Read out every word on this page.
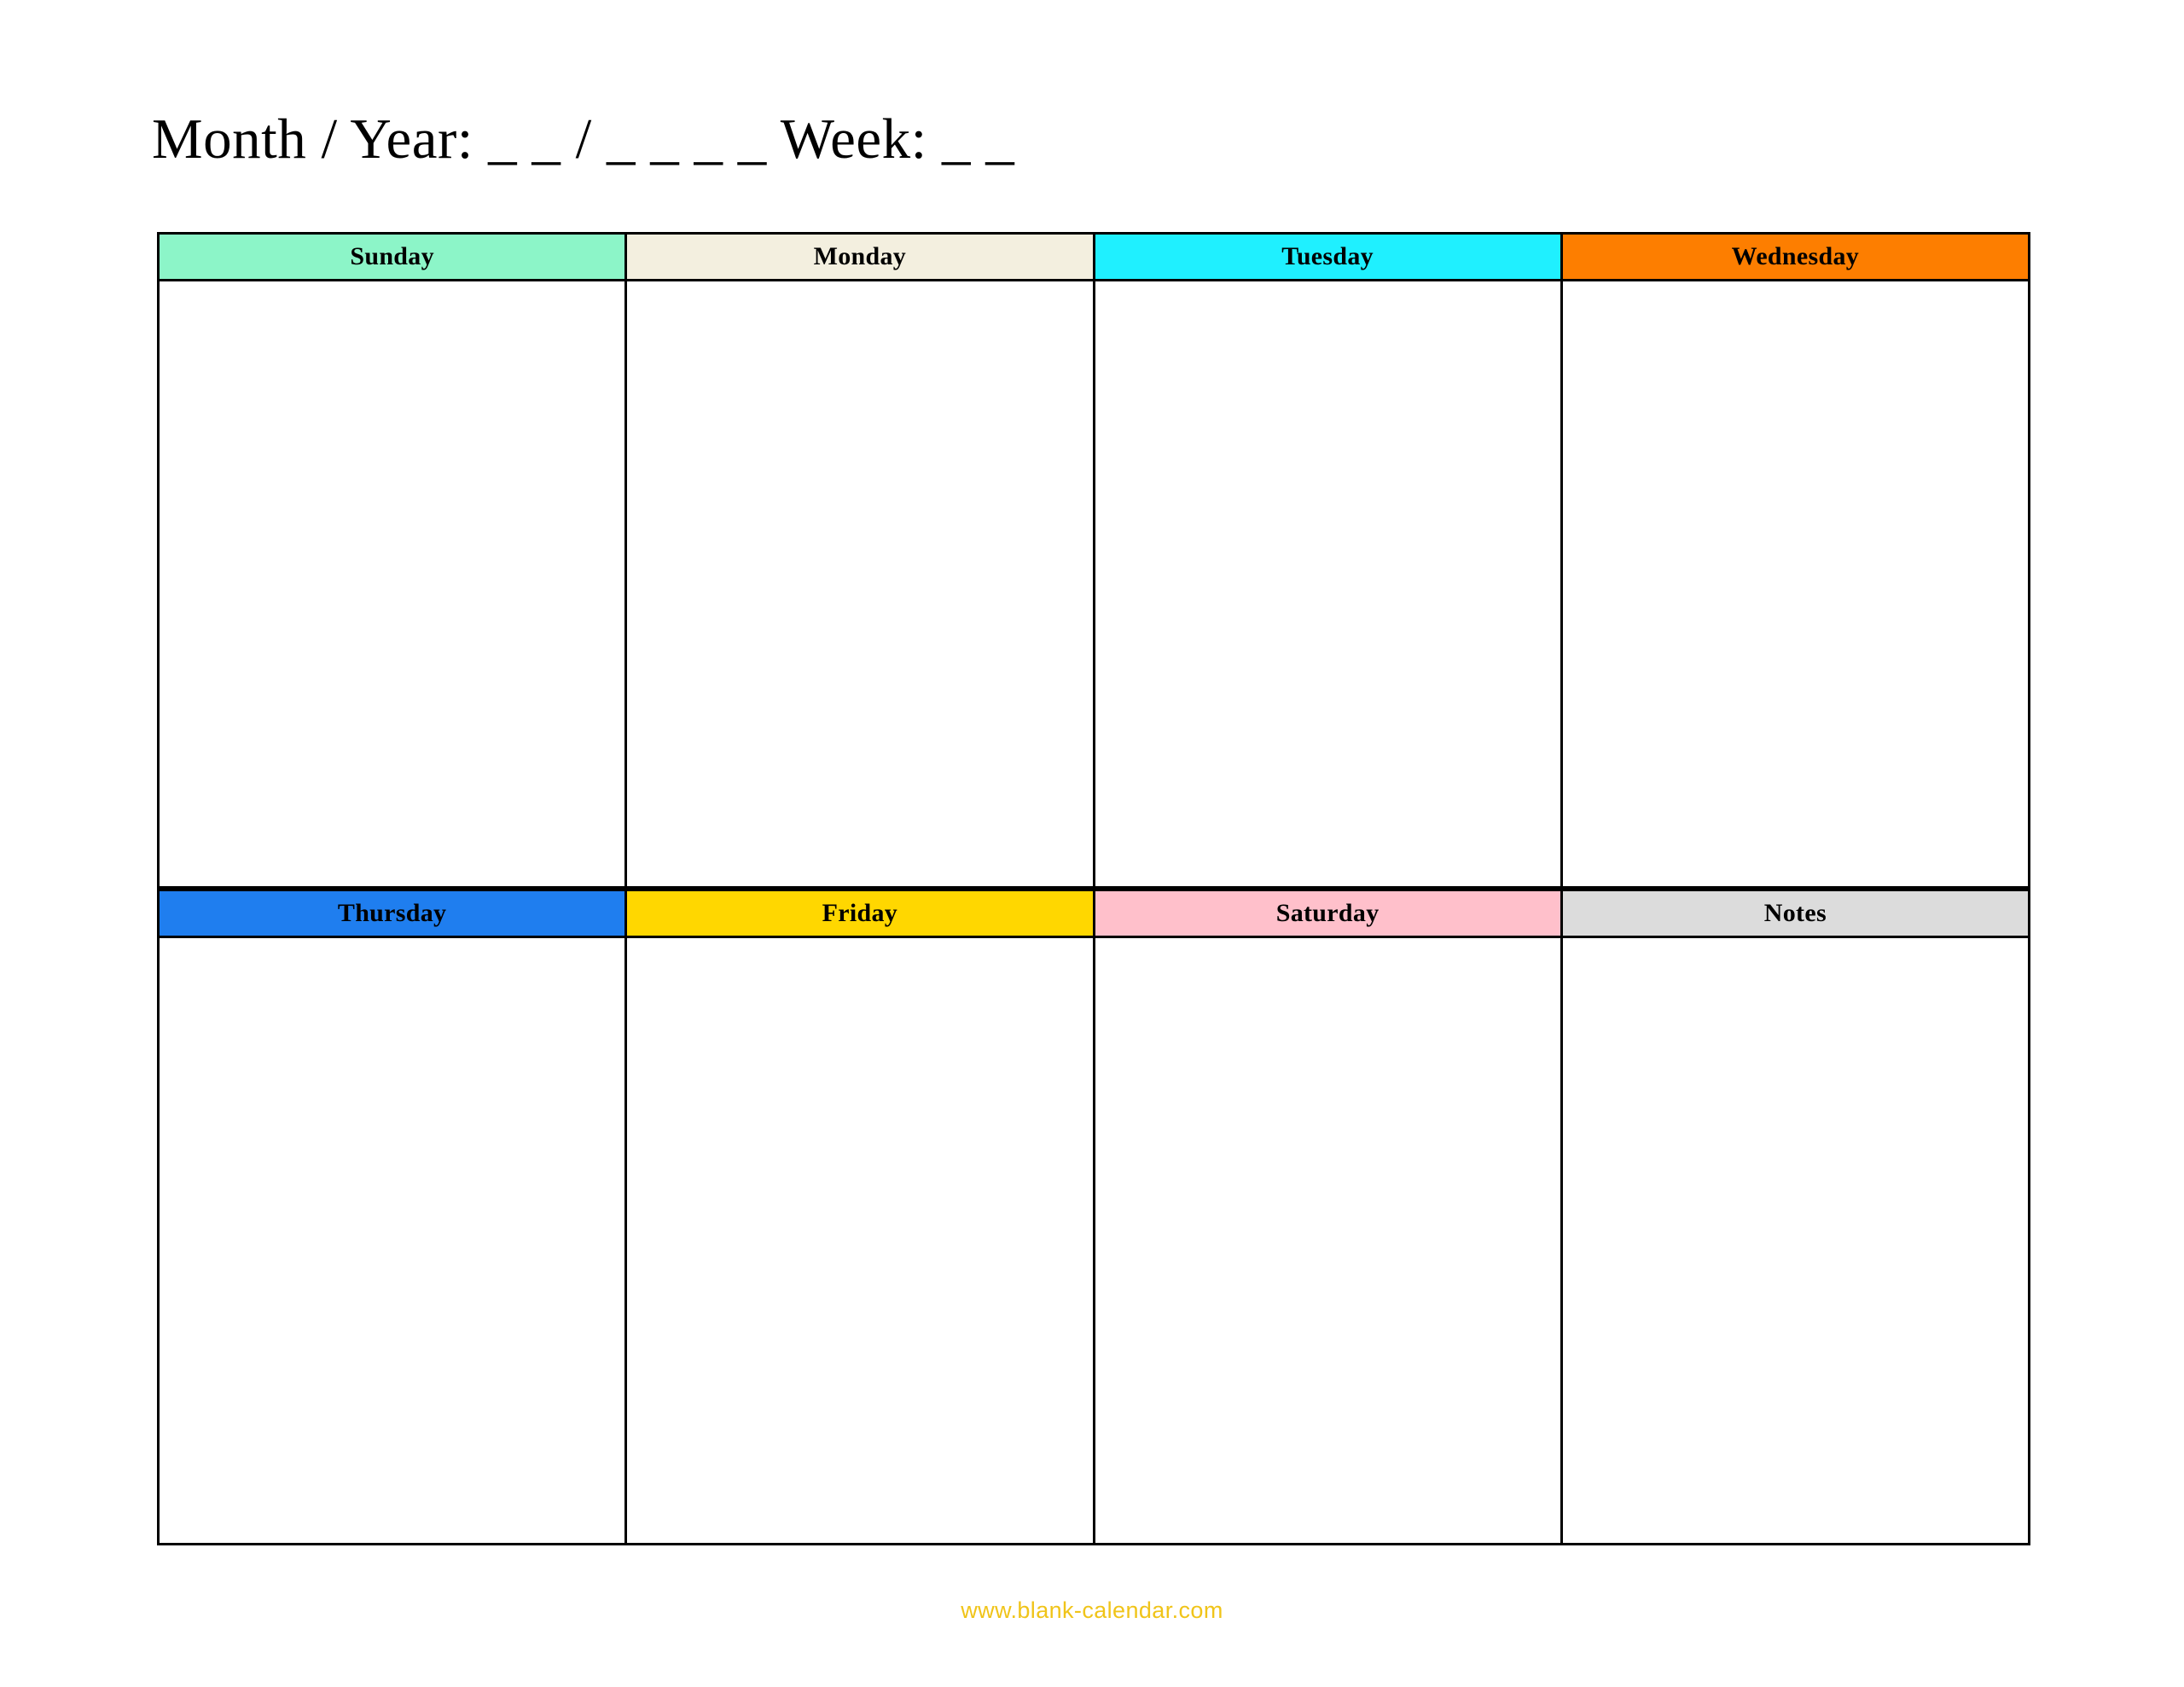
Month / Year: _ _ / _ _ _ _ Week: _ _
Sunday	Monday	Tuesday	Wednesday
Thursday	Friday	Saturday	Notes
www.blank-calendar.com
